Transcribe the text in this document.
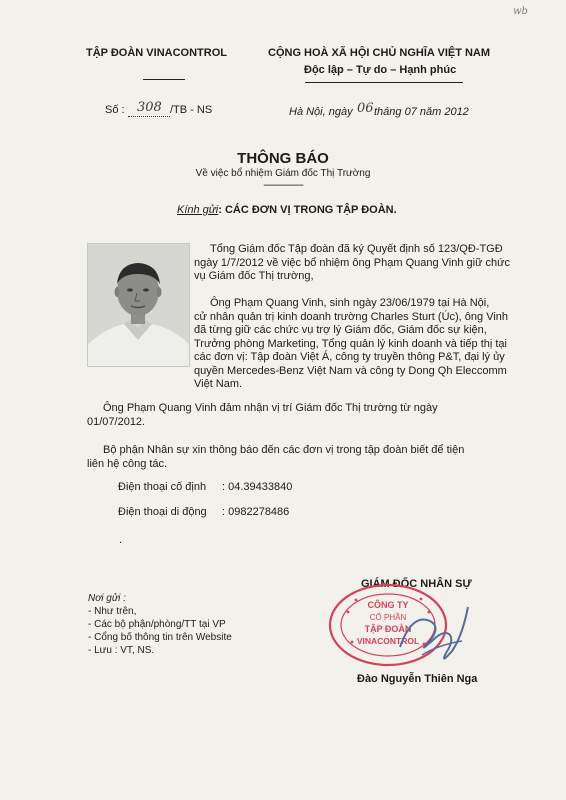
wb
TẬP ĐOÀN VINACONTROL	CỘNG HOÀ XÃ HỘI CHỦ NGHĨA VIỆT NAM
Độc lập – Tự do – Hạnh phúc
Số : 308 /TB - NS	Hà Nội, ngày 06 tháng 07 năm 2012
THÔNG BÁO
Về việc bổ nhiệm Giám đốc Thị Trường
-----------------
Kính gửi: CÁC ĐƠN VỊ TRONG TẬP ĐOÀN.
Tổng Giám đốc Tập đoàn đã ký Quyết định số 123/QĐ-TGĐ
ngày 1/7/2012 về việc bổ nhiệm ông Phạm Quang Vinh giữ chức
vụ Giám đốc Thị trường,
Ông Phạm Quang Vinh, sinh ngày 23/06/1979 tại Hà Nội,
cử nhân quản trị kinh doanh trường Charles Sturt (Úc), ông Vinh
đã từng giữ các chức vụ trợ lý Giám đốc, Giám đốc sự kiện,
Trưởng phòng Marketing, Tổng quản lý kinh doanh và tiếp thị tại
các đơn vị: Tập đoàn Việt Á, công ty truyền thông P&T, đại lý ủy
quyền Mercedes-Benz Việt Nam và công ty Dong Qh Eleccomm
Việt Nam.
Ông Phạm Quang Vinh đảm nhận vị trí Giám đốc Thị trường từ ngày
01/07/2012.
Bộ phận Nhân sự xin thông báo đến các đơn vị trong tập đoàn biết để tiện
liên hệ công tác.
Điện thoại cố định : 04.39433840
Điện thoại di động : 0982278486
.
Nơi gửi :
- Như trên,
- Các bộ phận/phòng/TT tại VP
- Cổng bố thông tin trên Website
- Lưu : VT, NS.
GIÁM ĐỐC NHÂN SỰ
CÔNG TY
CỔ PHẦN
TẬP ĐOÀN
VINACONTROL
Đào Nguyễn Thiên Nga
